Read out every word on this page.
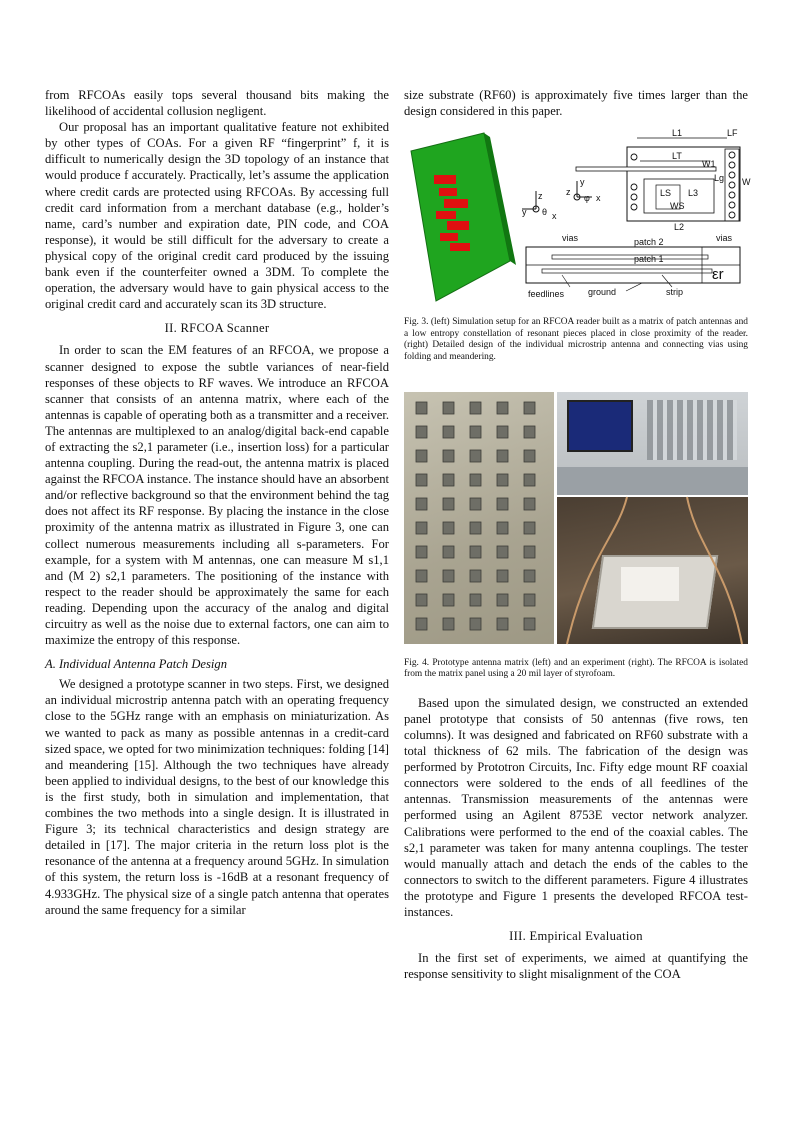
from RFCOAs easily tops several thousand bits making the likelihood of accidental collusion negligent.

Our proposal has an important qualitative feature not exhibited by other types of COAs. For a given RF “fingerprint” f, it is difficult to numerically design the 3D topology of an instance that would produce f accurately. Practically, let’s assume the application where credit cards are protected using RFCOAs. By accessing full credit card information from a merchant database (e.g., holder’s name, card’s number and expiration date, PIN code, and COA response), it would be still difficult for the adversary to create a physical copy of the original credit card produced by the issuing bank even if the counterfeiter owned a 3DM. To complete the operation, the adversary would have to gain physical access to the original credit card and accurately scan its 3D structure.

II. RFCOA Scanner

In order to scan the EM features of an RFCOA, we propose a scanner designed to expose the subtle variances of near-field responses of these objects to RF waves. We introduce an RFCOA scanner that consists of an antenna matrix, where each of the antennas is capable of operating both as a transmitter and a receiver. The antennas are multiplexed to an analog/digital back-end capable of extracting the s2,1 parameter (i.e., insertion loss) for a particular antenna coupling. During the read-out, the antenna matrix is placed against the RFCOA instance. The instance should have an absorbent and/or reflective background so that the environment behind the tag does not affect its RF response. By placing the instance in the close proximity of the antenna matrix as illustrated in Figure 3, one can collect numerous measurements including all s-parameters. For example, for a system with M antennas, one can measure M s1,1 and (M 2) s2,1 parameters. The positioning of the instance with respect to the reader should be approximately the same for each reading. Depending upon the accuracy of the analog and digital circuitry as well as the noise due to external factors, one can aim to maximize the entropy of this response.

A. Individual Antenna Patch Design

We designed a prototype scanner in two steps. First, we designed an individual microstrip antenna patch with an operating frequency close to the 5GHz range with an emphasis on miniaturization. As we wanted to pack as many as possible antennas in a credit-card sized space, we opted for two minimization techniques: folding [14] and meandering [15]. Although the two techniques have already been applied to individual designs, to the best of our knowledge this is the first study, both in simulation and implementation, that combines the two methods into a single design. It is illustrated in Figure 3; its technical characteristics and design strategy are detailed in [17]. The major criteria in the return loss plot is the resonance of the antenna at a frequency around 5GHz. In simulation of this system, the return loss is -16dB at a resonant frequency of 4.933GHz. The physical size of a single patch antenna that operates around the same frequency for a similar

size substrate (RF60) is approximately five times larger than the design considered in this paper.

L1	LF
LT
W1
W
Lg
LS
WS
L3
L2
z
y θ x
z
y
φ x
vias	vias
patch 2
patch 1
εr
feedlines	ground	strip

Fig. 3. (left) Simulation setup for an RFCOA reader built as a matrix of patch antennas and a low entropy constellation of resonant pieces placed in close proximity of the reader. (right) Detailed design of the individual microstrip antenna and connecting vias using folding and meandering.

Fig. 4. Prototype antenna matrix (left) and an experiment (right). The RFCOA is isolated from the matrix panel using a 20 mil layer of styrofoam.

Based upon the simulated design, we constructed an extended panel prototype that consists of 50 antennas (five rows, ten columns). It was designed and fabricated on RF60 substrate with a total thickness of 62 mils. The fabrication of the design was performed by Prototron Circuits, Inc. Fifty edge mount RF coaxial connectors were soldered to the ends of all feedlines of the antennas. Transmission measurements of the antennas were performed using an Agilent 8753E vector network analyzer. Calibrations were performed to the end of the coaxial cables. The s2,1 parameter was taken for many antenna couplings. The tester would manually attach and detach the ends of the cables to the connectors to switch to the different parameters. Figure 4 illustrates the prototype and Figure 1 presents the developed RFCOA test-instances.

III. Empirical Evaluation

In the first set of experiments, we aimed at quantifying the response sensitivity to slight misalignment of the COA
